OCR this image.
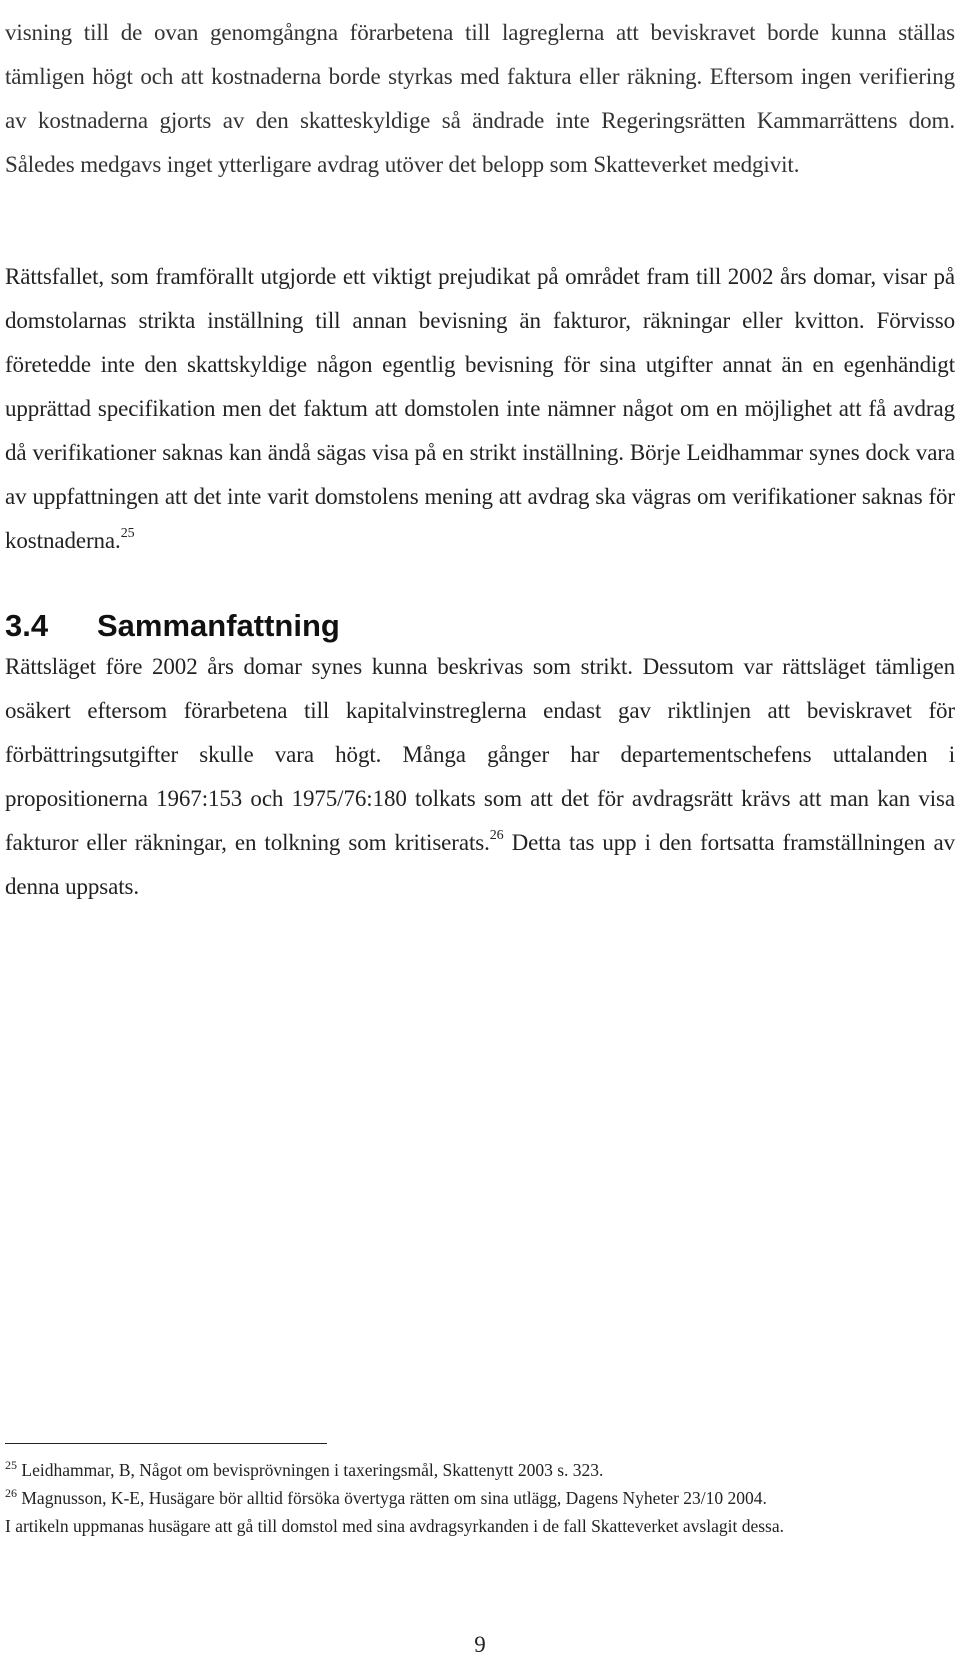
visning till de ovan genomgångna förarbetena till lagreglerna att beviskravet borde kunna ställas tämligen högt och att kostnaderna borde styrkas med faktura eller räkning. Eftersom ingen verifiering av kostnaderna gjorts av den skatteskyldige så ändrade inte Regeringsrätten Kammarrättens dom. Således medgavs inget ytterligare avdrag utöver det belopp som Skatteverket medgivit.

Rättsfallet, som framförallt utgjorde ett viktigt prejudikat på området fram till 2002 års domar, visar på domstolarnas strikta inställning till annan bevisning än fakturor, räkningar eller kvitton. Förvisso företedde inte den skattskyldige någon egentlig bevisning för sina utgifter annat än en egenhändigt upprättad specifikation men det faktum att domstolen inte nämner något om en möjlighet att få avdrag då verifikationer saknas kan ändå sägas visa på en strikt inställning. Börje Leidhammar synes dock vara av uppfattningen att det inte varit domstolens mening att avdrag ska vägras om verifikationer saknas för kostnaderna.$^{25}$

3.4 Sammanfattning

Rättsläget före 2002 års domar synes kunna beskrivas som strikt. Dessutom var rättsläget tämligen osäkert eftersom förarbetena till kapitalvinstreglerna endast gav riktlinjen att beviskravet för förbättringsutgifter skulle vara högt. Många gånger har departementschefens uttalanden i propositionerna 1967:153 och 1975/76:180 tolkats som att det för avdragsrätt krävs att man kan visa fakturor eller räkningar, en tolkning som kritiserats.$^{26}$ Detta tas upp i den fortsatta framställningen av denna uppsats.

$^{25}$ Leidhammar, B, Något om bevisprövningen i taxeringsmål, Skattenytt 2003 s. 323.
$^{26}$ Magnusson, K-E, Husägare bör alltid försöka övertyga rätten om sina utlägg, Dagens Nyheter 23/10 2004.
I artikeln uppmanas husägare att gå till domstol med sina avdragsyrkanden i de fall Skatteverket avslagit dessa.
9
